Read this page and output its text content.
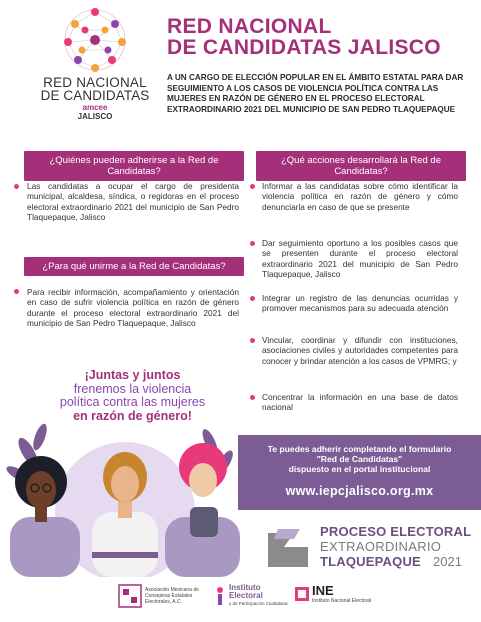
RED NACIONAL
DE CANDIDATAS
amcee
JALISCO
RED NACIONAL
DE CANDIDATAS JALISCO
A UN CARGO DE ELECCIÓN POPULAR EN EL ÁMBITO ESTATAL PARA DAR SEGUIMIENTO A LOS CASOS DE VIOLENCIA POLÍTICA CONTRA LAS MUJERES EN RAZÓN DE GÉNERO EN EL PROCESO ELECTORAL EXTRAORDINARIO 2021 DEL MUNICIPIO DE SAN PEDRO TLAQUEPAQUE
¿Quiénes pueden adherirse a la Red de Candidatas?
Las candidatas a ocupar el cargo de presidenta municipal, alcaldesa, síndica, o regidoras en el proceso electoral extraordinario 2021 del municipio de San Pedro Tlaquepaque, Jalisco
¿Para qué unirme a la Red de Candidatas?
Para recibir información, acompañamiento y orientación en caso de sufrir violencia política en razón de género durante el proceso electoral extraordinario 2021 del municipio de San Pedro Tlaquepaque, Jalisco
¿Qué acciones desarrollará la Red de Candidatas?
Informar a las candidatas sobre cómo identificar la violencia política en razón de género y cómo denunciarla en caso de que se presente
Dar seguimiento oportuno a los posibles casos que se presenten durante el proceso electoral extraordinario 2021 del municipio de San Pedro Tlaquepaque, Jalisco
Integrar un registro de las denuncias ocurridas y promover mecanismos para su adecuada atención
Vincular, coordinar y difundir con instituciones, asociaciones civiles y autoridades competentes para conocer y brindar atención a los casos de VPMRG; y
Concentrar la información en una base de datos nacional
¡Juntas y juntos
frenemos la violencia
política contra las mujeres
en razón de género!
Te puedes adherir completando el formulario
"Red de Candidatas"
dispuesto en el portal institucional
www.iepcjalisco.org.mx
PROCESO ELECTORAL
EXTRAORDINARIO
TLAQUEPAQUE 2021
Asociación Mexicana de Consejeras Estatales Electorales, A.C.
Instituto
Electoral
y de Participación Ciudadana
INE
Instituto Nacional Electoral
